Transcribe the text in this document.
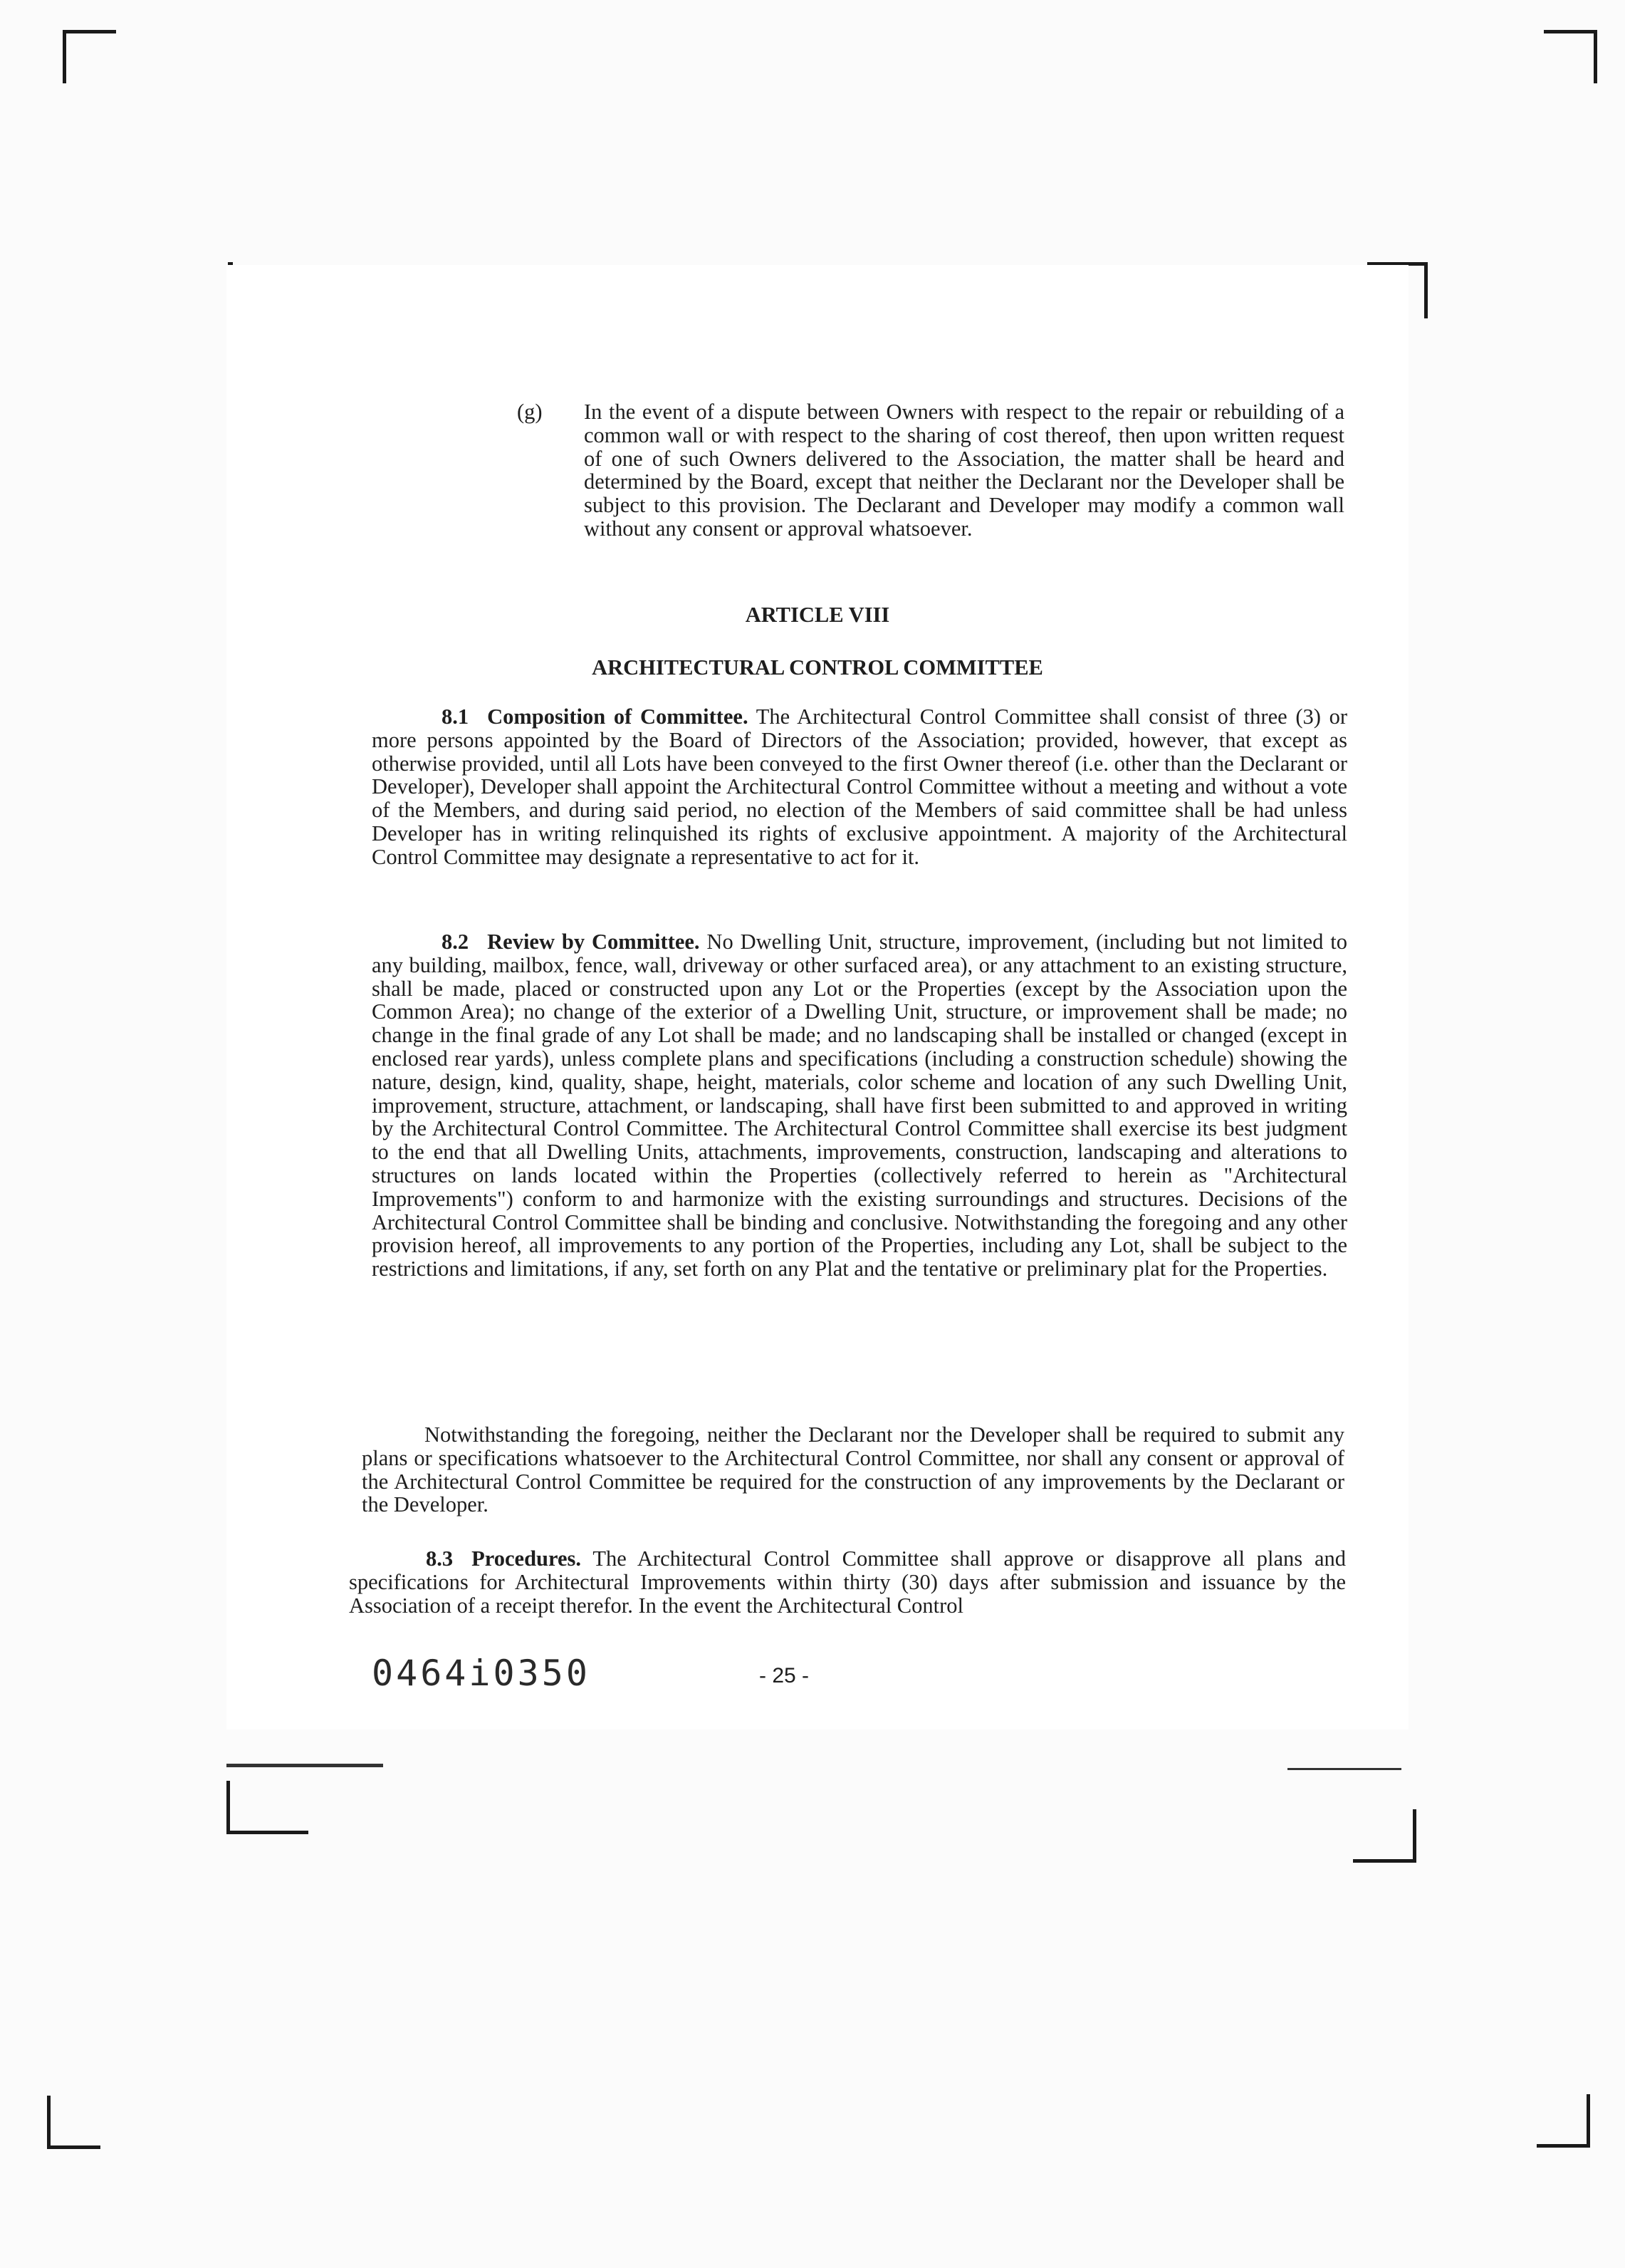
(g) In the event of a dispute between Owners with respect to the repair or rebuilding of a common wall or with respect to the sharing of cost thereof, then upon written request of one of such Owners delivered to the Association, the matter shall be heard and determined by the Board, except that neither the Declarant nor the Developer shall be subject to this provision. The Declarant and Developer may modify a common wall without any consent or approval whatsoever.

ARTICLE VIII

ARCHITECTURAL CONTROL COMMITTEE

8.1 Composition of Committee. The Architectural Control Committee shall consist of three (3) or more persons appointed by the Board of Directors of the Association; provided, however, that except as otherwise provided, until all Lots have been conveyed to the first Owner thereof (i.e. other than the Declarant or Developer), Developer shall appoint the Architectural Control Committee without a meeting and without a vote of the Members, and during said period, no election of the Members of said committee shall be had unless Developer has in writing relinquished its rights of exclusive appointment. A majority of the Architectural Control Committee may designate a representative to act for it.

8.2 Review by Committee. No Dwelling Unit, structure, improvement, (including but not limited to any building, mailbox, fence, wall, driveway or other surfaced area), or any attachment to an existing structure, shall be made, placed or constructed upon any Lot or the Properties (except by the Association upon the Common Area); no change of the exterior of a Dwelling Unit, structure, or improvement shall be made; no change in the final grade of any Lot shall be made; and no landscaping shall be installed or changed (except in enclosed rear yards), unless complete plans and specifications (including a construction schedule) showing the nature, design, kind, quality, shape, height, materials, color scheme and location of any such Dwelling Unit, improvement, structure, attachment, or landscaping, shall have first been submitted to and approved in writing by the Architectural Control Committee. The Architectural Control Committee shall exercise its best judgment to the end that all Dwelling Units, attachments, improvements, construction, landscaping and alterations to structures on lands located within the Properties (collectively referred to herein as "Architectural Improvements") conform to and harmonize with the existing surroundings and structures. Decisions of the Architectural Control Committee shall be binding and conclusive. Notwithstanding the foregoing and any other provision hereof, all improvements to any portion of the Properties, including any Lot, shall be subject to the restrictions and limitations, if any, set forth on any Plat and the tentative or preliminary plat for the Properties.

Notwithstanding the foregoing, neither the Declarant nor the Developer shall be required to submit any plans or specifications whatsoever to the Architectural Control Committee, nor shall any consent or approval of the Architectural Control Committee be required for the construction of any improvements by the Declarant or the Developer.

8.3 Procedures. The Architectural Control Committee shall approve or disapprove all plans and specifications for Architectural Improvements within thirty (30) days after submission and issuance by the Association of a receipt therefor. In the event the Architectural Control

0464i0350	- 25 -
